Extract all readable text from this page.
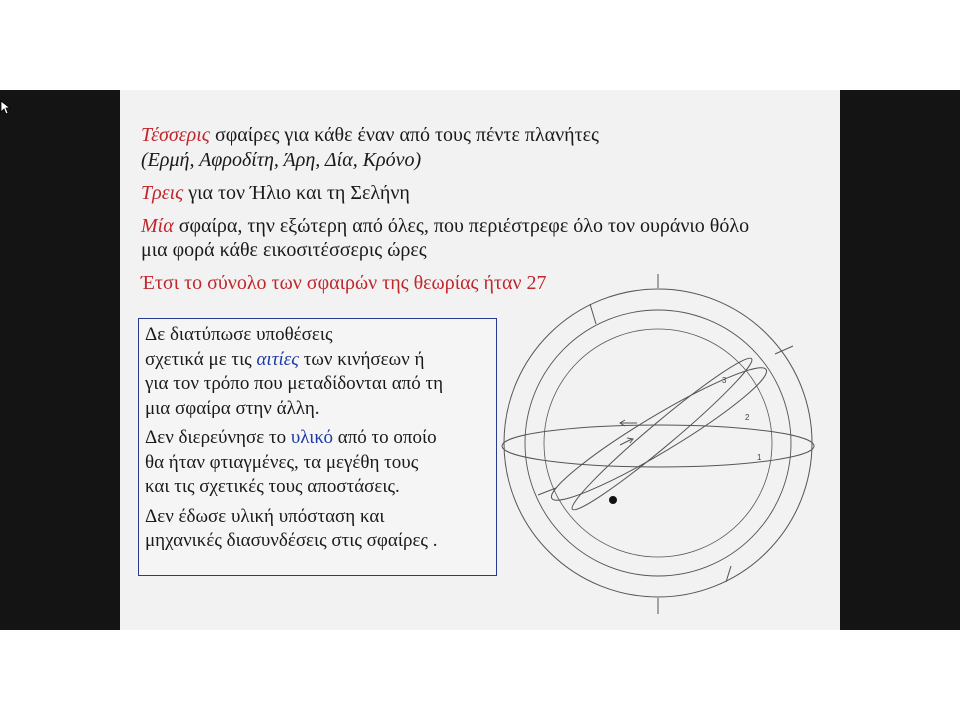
1
2
3
Τέσσερις σφαίρες για κάθε έναν από τους πέντε πλανήτες
(Ερμή, Αφροδίτη, Άρη, Δία, Κρόνο)
Τρεις για τον Ήλιο και τη Σελήνη
Μία σφαίρα, την εξώτερη από όλες, που περιέστρεφε όλο τον ουράνιο θόλο
μια φορά κάθε εικοσιτέσσερις ώρες
Έτσι το σύνολο των σφαιρών της θεωρίας ήταν 27

Δε διατύπωσε υποθέσεις

σχετικά με τις αιτίες των κινήσεων ή

για τον τρόπο που μεταδίδονται από τη

μια σφαίρα στην άλλη.

Δεν διερεύνησε το υλικό από το οποίο

θα ήταν φτιαγμένες, τα μεγέθη τους

και τις σχετικές τους αποστάσεις.

Δεν έδωσε υλική υπόσταση και

μηχανικές διασυνδέσεις στις σφαίρες .
